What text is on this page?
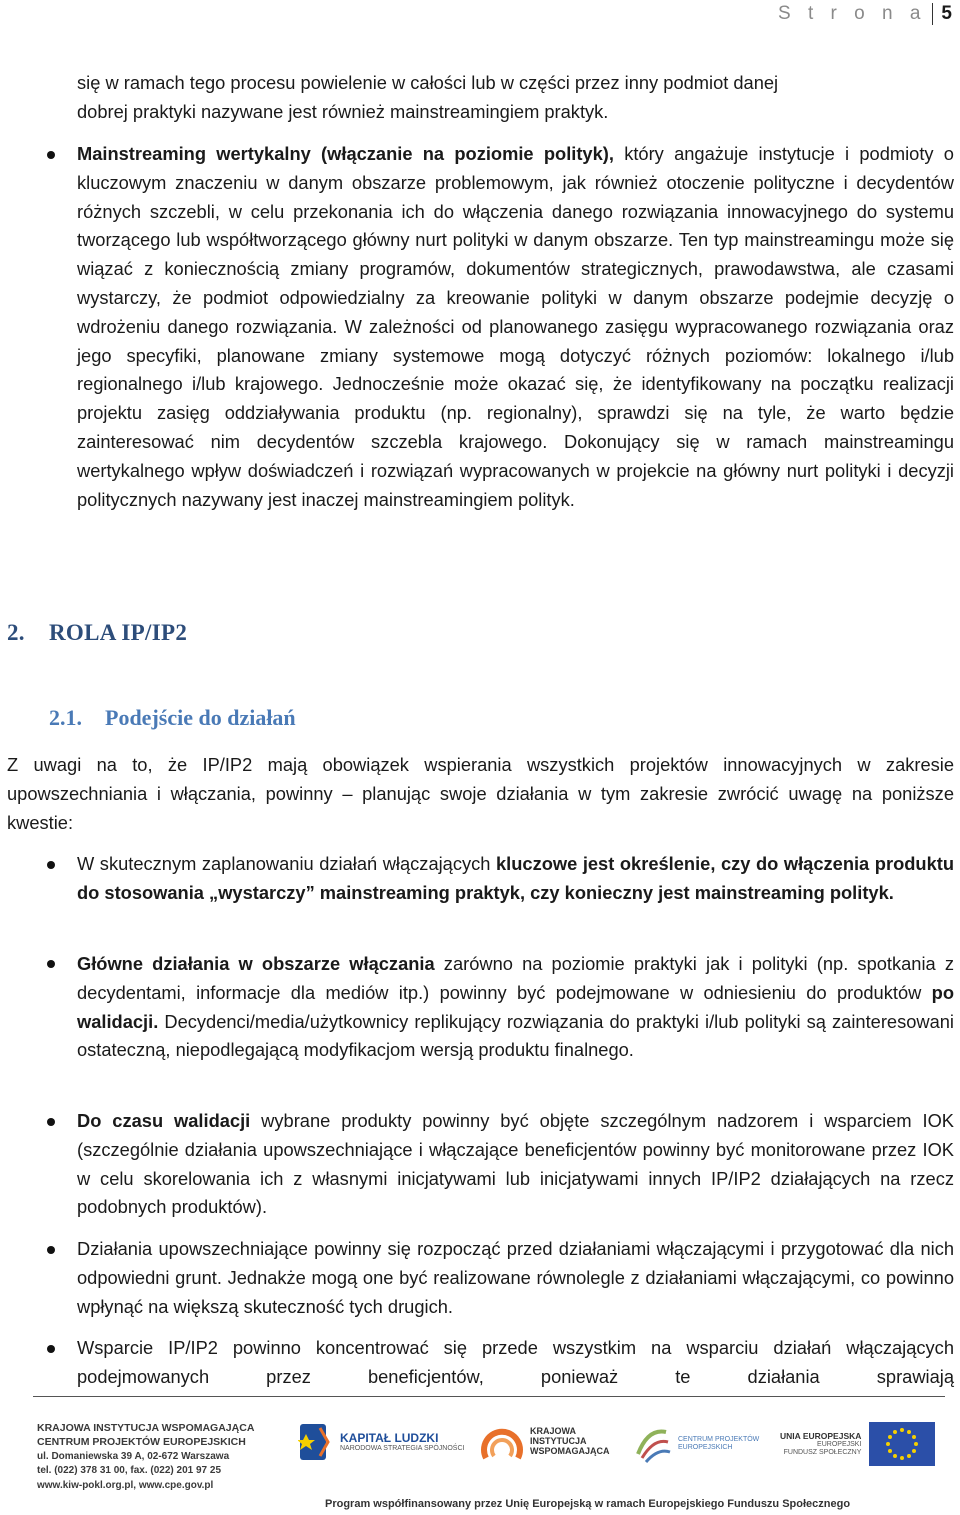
S t r o n a 5
się w ramach tego procesu powielenie w całości lub w części przez inny podmiot danej
dobrej praktyki nazywane jest również mainstreamingiem praktyk.
Mainstreaming wertykalny (włączanie na poziomie polityk), który angażuje instytucje i podmioty o kluczowym znaczeniu w danym obszarze problemowym, jak również otoczenie polityczne i decydentów różnych szczebli, w celu przekonania ich do włączenia danego rozwiązania innowacyjnego do systemu tworzącego lub współtworzącego główny nurt polityki w danym obszarze. Ten typ mainstreamingu może się wiązać z koniecznością zmiany programów, dokumentów strategicznych, prawodawstwa, ale czasami wystarczy, że podmiot odpowiedzialny za kreowanie polityki w danym obszarze podejmie decyzję o wdrożeniu danego rozwiązania. W zależności od planowanego zasięgu wypracowanego rozwiązania oraz jego specyfiki, planowane zmiany systemowe mogą dotyczyć różnych poziomów: lokalnego i/lub regionalnego i/lub krajowego. Jednocześnie może okazać się, że identyfikowany na początku realizacji projektu zasięg oddziaływania produktu (np. regionalny), sprawdzi się na tyle, że warto będzie zainteresować nim decydentów szczebla krajowego. Dokonujący się w ramach mainstreamingu wertykalnego wpływ doświadczeń i rozwiązań wypracowanych w projekcie na główny nurt polityki i decyzji politycznych nazywany jest inaczej mainstreamingiem polityk.
2. ROLA IP/IP2
2.1. Podejście do działań
Z uwagi na to, że IP/IP2 mają obowiązek wspierania wszystkich projektów innowacyjnych w zakresie upowszechniania i włączania, powinny – planując swoje działania w tym zakresie zwrócić uwagę na poniższe kwestie:
W skutecznym zaplanowaniu działań włączających kluczowe jest określenie, czy do włączenia produktu do stosowania „wystarczy” mainstreaming praktyk, czy konieczny jest mainstreaming polityk.
Główne działania w obszarze włączania zarówno na poziomie praktyki jak i polityki (np. spotkania z decydentami, informacje dla mediów itp.) powinny być podejmowane w odniesieniu do produktów po walidacji. Decydenci/media/użytkownicy replikujący rozwiązania do praktyki i/lub polityki są zainteresowani ostateczną, niepodlegającą modyfikacjom wersją produktu finalnego.
Do czasu walidacji wybrane produkty powinny być objęte szczególnym nadzorem i wsparciem IOK (szczególnie działania upowszechniające i włączające beneficjentów powinny być monitorowane przez IOK w celu skorelowania ich z własnymi inicjatywami lub inicjatywami innych IP/IP2 działających na rzecz podobnych produktów).
Działania upowszechniające powinny się rozpocząć przed działaniami włączającymi i przygotować dla nich odpowiedni grunt. Jednakże mogą one być realizowane równolegle z działaniami włączającymi, co powinno wpłynąć na większą skuteczność tych drugich.
Wsparcie IP/IP2 powinno koncentrować się przede wszystkim na wsparciu działań włączających podejmowanych przez beneficjentów, ponieważ te działania sprawiają
KRAJOWA INSTYTUCJA WSPOMAGAJĄCA
CENTRUM PROJEKTÓW EUROPEJSKICH
ul. Domaniewska 39 A, 02-672 Warszawa
tel. (022) 378 31 00, fax. (022) 201 97 25
www.kiw-pokl.org.pl, www.cpe.gov.pl
KAPITAŁ LUDZKI
NARODOWA STRATEGIA SPÓJNOŚCI
KRAJOWA
INSTYTUCJA
WSPOMAGAJĄCA
CENTRUM PROJEKTÓW
EUROPEJSKICH
UNIA EUROPEJSKA
EUROPEJSKI
FUNDUSZ SPOŁECZNY
Program współfinansowany przez Unię Europejską w ramach Europejskiego Funduszu Społecznego
